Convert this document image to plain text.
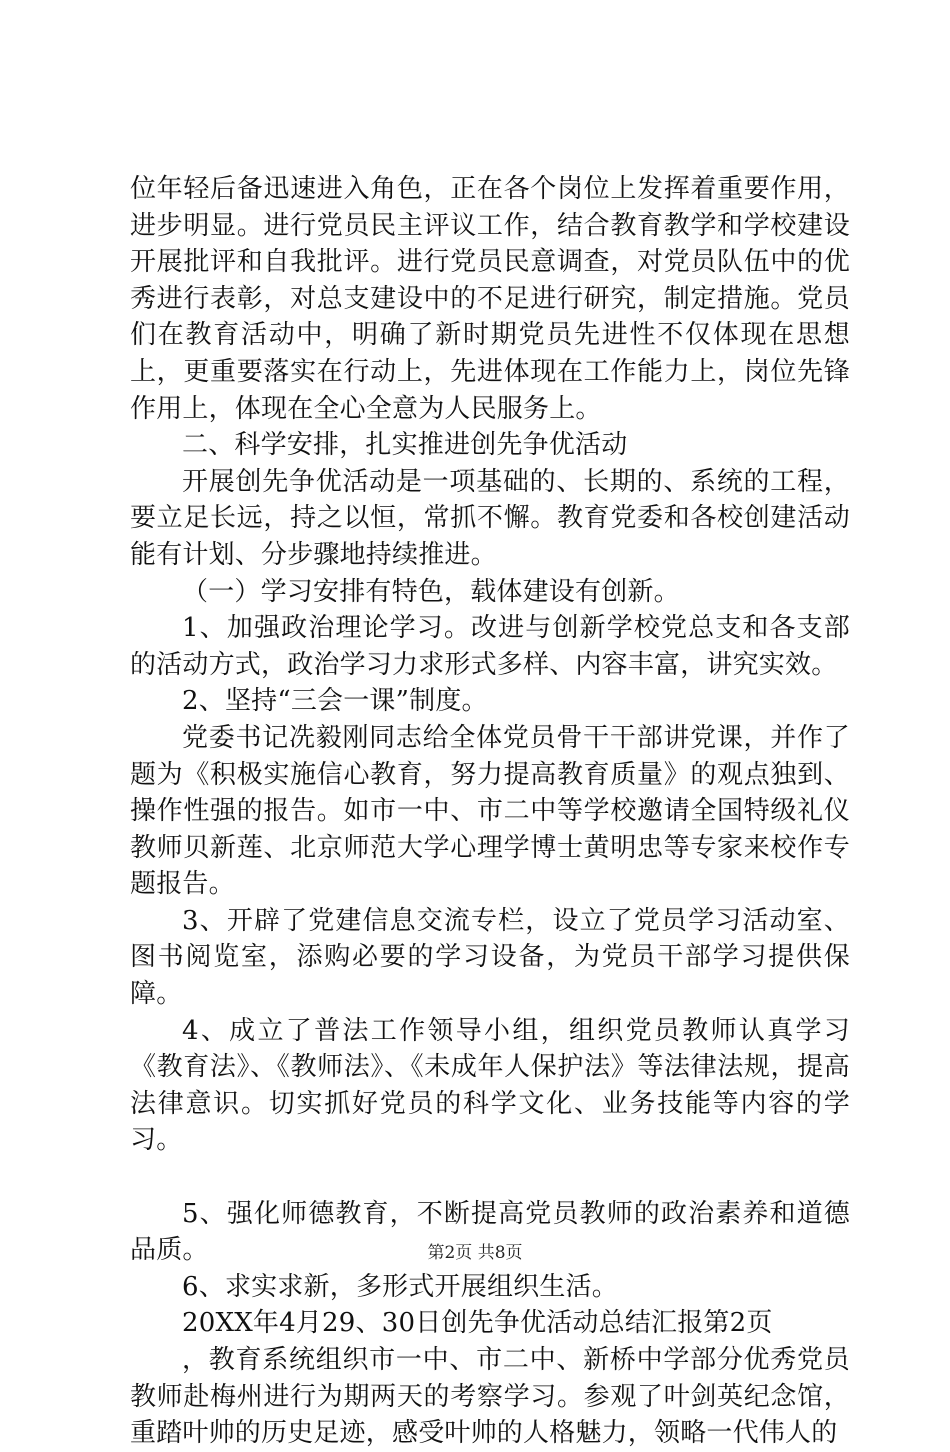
位年轻后备迅速进入角色，正在各个岗位上发挥着重要作用，进步明显。进行党员民主评议工作，结合教育教学和学校建设开展批评和自我批评。进行党员民意调查，对党员队伍中的优秀进行表彰，对总支建设中的不足进行研究，制定措施。党员们在教育活动中，明确了新时期党员先进性不仅体现在思想上，更重要落实在行动上，先进体现在工作能力上，岗位先锋作用上，体现在全心全意为人民服务上。

二、科学安排，扎实推进创先争优活动

开展创先争优活动是一项基础的、长期的、系统的工程，要立足长远，持之以恒，常抓不懈。教育党委和各校创建活动能有计划、分步骤地持续推进。

（一）学习安排有特色，载体建设有创新。

1、加强政治理论学习。改进与创新学校党总支和各支部的活动方式，政治学习力求形式多样、内容丰富，讲究实效。

2、坚持“三会一课”制度。

党委书记冼毅刚同志给全体党员骨干干部讲党课，并作了题为《积极实施信心教育，努力提高教育质量》的观点独到、操作性强的报告。如市一中、市二中等学校邀请全国特级礼仪教师贝新莲、北京师范大学心理学博士黄明忠等专家来校作专题报告。

3、开辟了党建信息交流专栏，设立了党员学习活动室、图书阅览室，添购必要的学习设备，为党员干部学习提供保障。

4、成立了普法工作领导小组，组织党员教师认真学习《教育法》、《教师法》、《未成年人保护法》等法律法规，提高法律意识。切实抓好党员的科学文化、业务技能等内容的学习。

5、强化师德教育，不断提高党员教师的政治素养和道德品质。

6、求实求新，多形式开展组织生活。

20XX年4月29、30日创先争优活动总结汇报第2页

，教育系统组织市一中、市二中、新桥中学部分优秀党员教师赴梅州进行为期两天的考察学习。参观了叶剑英纪念馆，重踏叶帅的历史足迹，感受叶帅的人格魅力，领略一代伟人的

第2页 共8页
